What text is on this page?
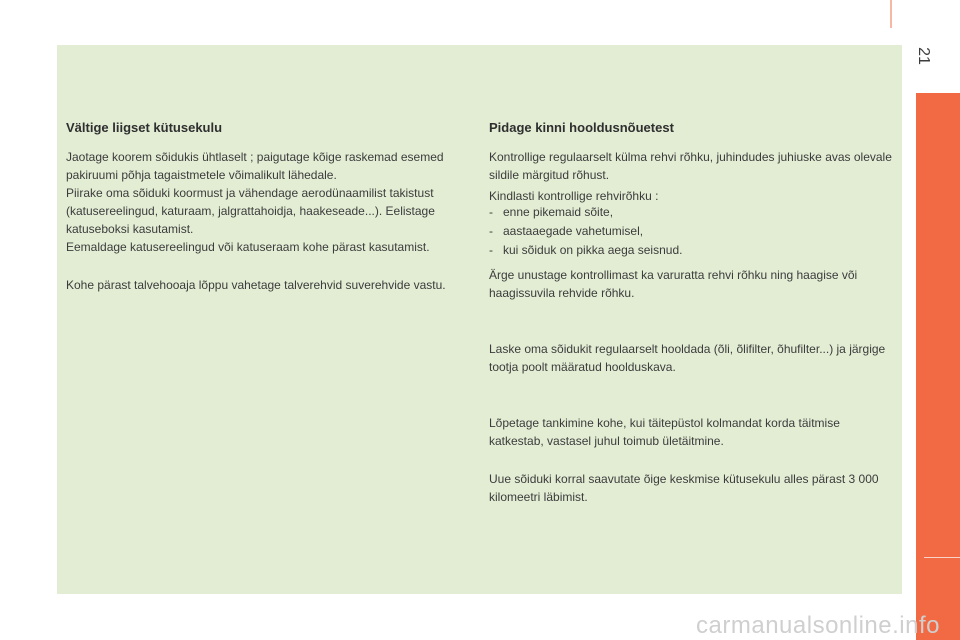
21
Vältige liigset kütusekulu

Jaotage koorem sõidukis ühtlaselt ; paigutage kõige raskemad esemed pakiruumi põhja tagaistmetele võimalikult lähedale.

Piirake oma sõiduki koormust ja vähendage aerodünaamilist takistust (katusereelingud, katuraam, jalgrattahoidja, haakeseade...). Eelistage katuseboksi kasutamist.

Eemaldage katusereelingud või katuseraam kohe pärast kasutamist.

Kohe pärast talvehooaja lõppu vahetage talverehvid suverehvide vastu.

Pidage kinni hooldusnõuetest

Kontrollige regulaarselt külma rehvi rõhku, juhindudes juhiuske avas olevale sildile märgitud rõhust.

Kindlasti kontrollige rehvirõhku :

- enne pikemaid sõite,
- aastaaegade vahetumisel,
- kui sõiduk on pikka aega seisnud.

Ärge unustage kontrollimast ka varuratta rehvi rõhku ning haagise või haagissuvila rehvide rõhku.

Laske oma sõidukit regulaarselt hooldada (õli, õlifilter, õhufilter...) ja järgige tootja poolt määratud hoolduskava.

Lõpetage tankimine kohe, kui täitepüstol kolmandat korda täitmise katkestab, vastasel juhul toimub ületäitmine.

Uue sõiduki korral saavutate õige keskmise kütusekulu alles pärast 3 000 kilomeetri läbimist.

carmanualsonline.info
